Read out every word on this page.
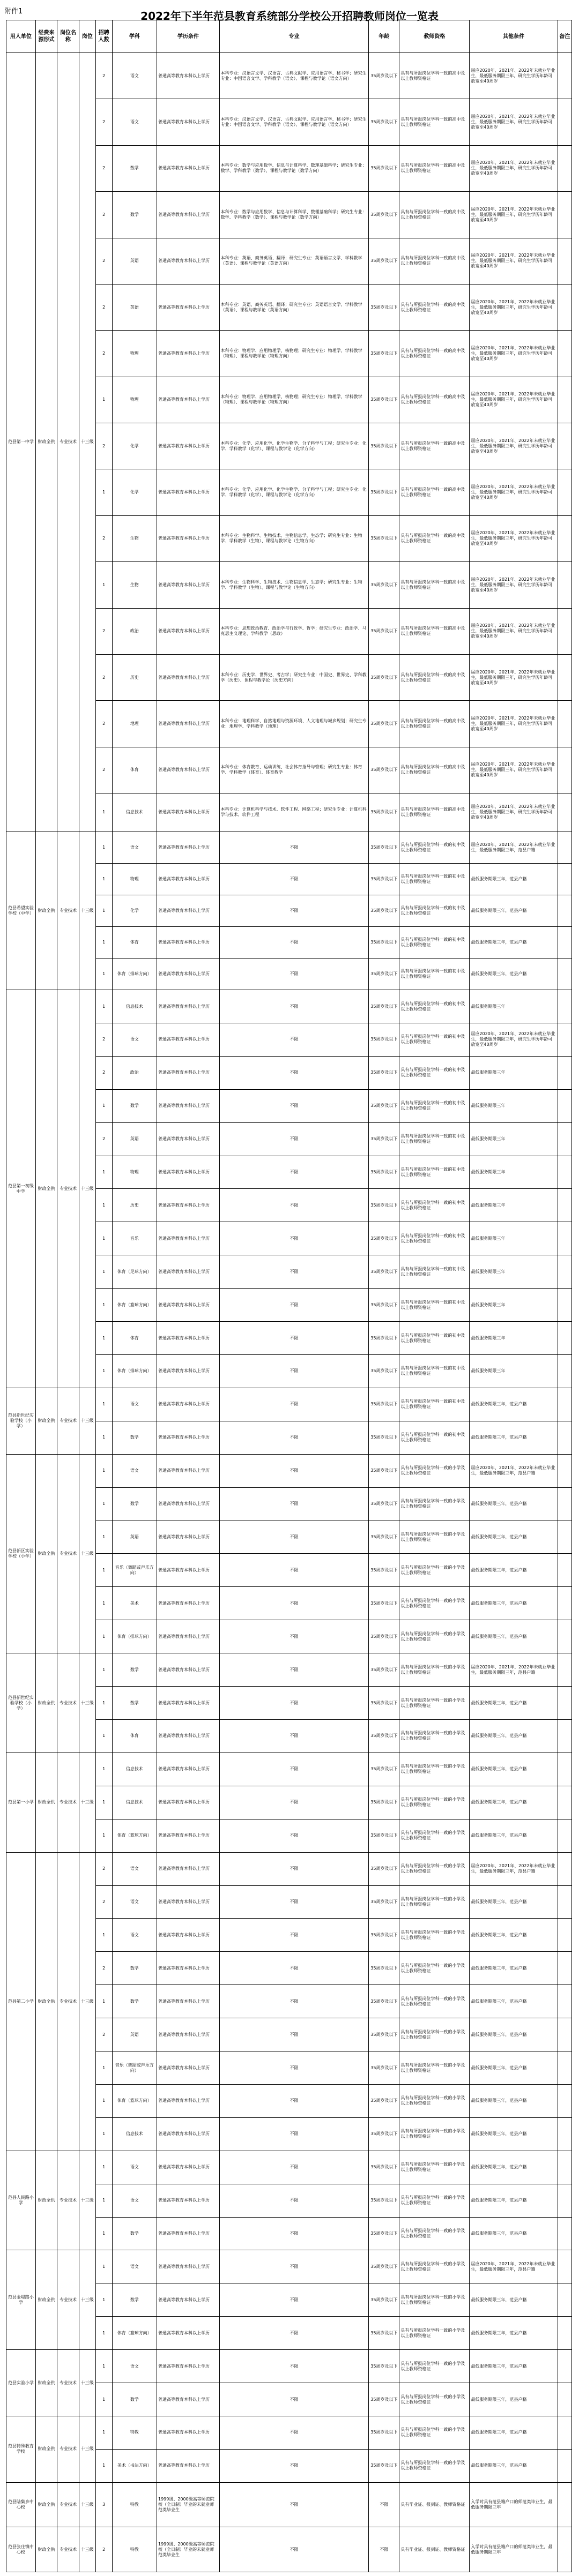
附件1	2022年下半年范县教育系统部分学校公开招聘教师岗位一览表
用人单位	经费来源形式	岗位名称	岗位	招聘人数	学科	学历条件	专业	年龄	教师资格	其他条件	备注
范县第一中学	财政全供	专业技术	十三级	2	语文	普通高等教育本科以上学历	本科专业：汉语言文学、汉语言、古典文献学、应用语言学、秘书学；研究生专业：中国语言文学、学科教学（语文）、课程与教学论（语文方向）	35周岁及以下	具有与所报岗位学科一致的高中及以上教师资格证	届应2020年、2021年、2022年未就业毕业生，最低服务期限三年，研究生学历年龄可放宽至40周岁	
				2	语文	普通高等教育本科以上学历	本科专业：汉语言文学、汉语言、古典文献学、应用语言学、秘书学；研究生专业：中国语言文学、学科教学（语文）、课程与教学论（语文方向）	35周岁及以下	具有与所报岗位学科一致的高中及以上教师资格证	届应2020年、2021年、2022年未就业毕业生，最低服务期限三年，研究生学历年龄可放宽至40周岁	
				2	数学	普通高等教育本科以上学历	本科专业：数学与应用数学、信息与计算科学、数理基础科学；研究生专业：数学、学科教学（数学）、课程与教学论（数学方向）	35周岁及以下	具有与所报岗位学科一致的高中及以上教师资格证	届应2020年、2021年、2022年未就业毕业生，最低服务期限三年，研究生学历年龄可放宽至40周岁	
				2	数学	普通高等教育本科以上学历	本科专业：数学与应用数学、信息与计算科学、数理基础科学；研究生专业：数学、学科教学（数学）、课程与教学论（数学方向）	35周岁及以下	具有与所报岗位学科一致的高中及以上教师资格证	届应2020年、2021年、2022年未就业毕业生，最低服务期限三年，研究生学历年龄可放宽至40周岁	
				2	英语	普通高等教育本科以上学历	本科专业：英语、商务英语、翻译；研究生专业：英语语言文学、学科教学（英语）、课程与教学论（英语方向）	35周岁及以下	具有与所报岗位学科一致的高中及以上教师资格证	届应2020年、2021年、2022年未就业毕业生，最低服务期限三年，研究生学历年龄可放宽至40周岁	
				2	英语	普通高等教育本科以上学历	本科专业：英语、商务英语、翻译；研究生专业：英语语言文学、学科教学（英语）、课程与教学论（英语方向）	35周岁及以下	具有与所报岗位学科一致的高中及以上教师资格证	届应2020年、2021年、2022年未就业毕业生，最低服务期限三年，研究生学历年龄可放宽至40周岁	
				2	物理	普通高等教育本科以上学历	本科专业：物理学、应用物理学、核物理；研究生专业：物理学、学科教学（物理）、课程与教学论（物理方向）	35周岁及以下	具有与所报岗位学科一致的高中及以上教师资格证	届应2020年、2021年、2022年未就业毕业生，最低服务期限三年，研究生学历年龄可放宽至40周岁	
				1	物理	普通高等教育本科以上学历	本科专业：物理学、应用物理学、核物理；研究生专业：物理学、学科教学（物理）、课程与教学论（物理方向）	35周岁及以下	具有与所报岗位学科一致的高中及以上教师资格证	届应2020年、2021年、2022年未就业毕业生，最低服务期限三年，研究生学历年龄可放宽至40周岁	
				2	化学	普通高等教育本科以上学历	本科专业：化学、应用化学、化学生物学、分子科学与工程；研究生专业：化学、学科教学（化学）、课程与教学论（化学方向）	35周岁及以下	具有与所报岗位学科一致的高中及以上教师资格证	届应2020年、2021年、2022年未就业毕业生，最低服务期限三年，研究生学历年龄可放宽至40周岁	
				1	化学	普通高等教育本科以上学历	本科专业：化学、应用化学、化学生物学、分子科学与工程；研究生专业：化学、学科教学（化学）、课程与教学论（化学方向）	35周岁及以下	具有与所报岗位学科一致的高中及以上教师资格证	届应2020年、2021年、2022年未就业毕业生，最低服务期限三年，研究生学历年龄可放宽至40周岁	
				2	生物	普通高等教育本科以上学历	本科专业：生物科学、生物技术、生物信息学、生态学；研究生专业：生物学、学科教学（生物）、课程与教学论（生物方向）	35周岁及以下	具有与所报岗位学科一致的高中及以上教师资格证	届应2020年、2021年、2022年未就业毕业生，最低服务期限三年，研究生学历年龄可放宽至40周岁	
				1	生物	普通高等教育本科以上学历	本科专业：生物科学、生物技术、生物信息学、生态学；研究生专业：生物学、学科教学（生物）、课程与教学论（生物方向）	35周岁及以下	具有与所报岗位学科一致的高中及以上教师资格证	届应2020年、2021年、2022年未就业毕业生，最低服务期限三年，研究生学历年龄可放宽至40周岁	
				2	政治	普通高等教育本科以上学历	本科专业：思想政治教育、政治学与行政学、哲学；研究生专业：政治学、马克思主义理论、学科教学（思政）	35周岁及以下	具有与所报岗位学科一致的高中及以上教师资格证	届应2020年、2021年、2022年未就业毕业生，最低服务期限三年，研究生学历年龄可放宽至40周岁	
				2	历史	普通高等教育本科以上学历	本科专业：历史学、世界史、考古学；研究生专业：中国史、世界史、学科教学（历史）、课程与教学论（历史方向）	35周岁及以下	具有与所报岗位学科一致的高中及以上教师资格证	届应2020年、2021年、2022年未就业毕业生，最低服务期限三年，研究生学历年龄可放宽至40周岁	
				2	地理	普通高等教育本科以上学历	本科专业：地理科学、自然地理与资源环境、人文地理与城乡规划；研究生专业：地理学、学科教学（地理）	35周岁及以下	具有与所报岗位学科一致的高中及以上教师资格证	届应2020年、2021年、2022年未就业毕业生，最低服务期限三年，研究生学历年龄可放宽至40周岁	
				2	体育	普通高等教育本科以上学历	本科专业：体育教育、运动训练、社会体育指导与管理；研究生专业：体育学、学科教学（体育）、体育教学	35周岁及以下	具有与所报岗位学科一致的高中及以上教师资格证	届应2020年、2021年、2022年未就业毕业生，最低服务期限三年，研究生学历年龄可放宽至40周岁	
				1	信息技术	普通高等教育本科以上学历	本科专业：计算机科学与技术、软件工程、网络工程；研究生专业：计算机科学与技术、软件工程	35周岁及以下	具有与所报岗位学科一致的高中及以上教师资格证	届应2020年、2021年、2022年未就业毕业生，最低服务期限三年，研究生学历年龄可放宽至40周岁	
范县希望实验学校（中学）	财政全供	专业技术	十三级	1	语文	普通高等教育本科以上学历	不限	35周岁及以下	具有与所报岗位学科一致的初中及以上教师资格证	届应2020年、2021年、2022年未就业毕业生，最低服务期限三年，范县户籍	
				1	物理	普通高等教育本科以上学历	不限	35周岁及以下	具有与所报岗位学科一致的初中及以上教师资格证	最低服务期限三年，范县户籍	
				1	化学	普通高等教育本科以上学历	不限	35周岁及以下	具有与所报岗位学科一致的初中及以上教师资格证	最低服务期限三年，范县户籍	
				1	体育	普通高等教育本科以上学历	不限	35周岁及以下	具有与所报岗位学科一致的初中及以上教师资格证	最低服务期限三年，范县户籍	
				1	体育（排球方向）	普通高等教育本科以上学历	不限	35周岁及以下	具有与所报岗位学科一致的初中及以上教师资格证	最低服务期限三年，范县户籍	
范县第一初级中学	财政全供	专业技术	十三级	1	信息技术	普通高等教育本科以上学历	不限	35周岁及以下	具有与所报岗位学科一致的初中及以上教师资格证	最低服务期限三年	
				2	语文	普通高等教育本科以上学历	不限	35周岁及以下	具有与所报岗位学科一致的初中及以上教师资格证	届应2020年、2021年、2022年未就业毕业生，最低服务期限三年，研究生学历年龄可放宽至40周岁	
				2	政治	普通高等教育本科以上学历	不限	35周岁及以下	具有与所报岗位学科一致的初中及以上教师资格证	最低服务期限三年	
				1	数学	普通高等教育本科以上学历	不限	35周岁及以下	具有与所报岗位学科一致的初中及以上教师资格证	最低服务期限三年	
				2	英语	普通高等教育本科以上学历	不限	35周岁及以下	具有与所报岗位学科一致的初中及以上教师资格证	最低服务期限三年	
				1	物理	普通高等教育本科以上学历	不限	35周岁及以下	具有与所报岗位学科一致的初中及以上教师资格证	最低服务期限三年	
				1	历史	普通高等教育本科以上学历	不限	35周岁及以下	具有与所报岗位学科一致的初中及以上教师资格证	最低服务期限三年	
				1	音乐	普通高等教育本科以上学历	不限	35周岁及以下	具有与所报岗位学科一致的初中及以上教师资格证	最低服务期限三年	
				1	体育（足球方向）	普通高等教育本科以上学历	不限	35周岁及以下	具有与所报岗位学科一致的初中及以上教师资格证	最低服务期限三年	
				1	体育（篮球方向）	普通高等教育本科以上学历	不限	35周岁及以下	具有与所报岗位学科一致的初中及以上教师资格证	最低服务期限三年	
				1	体育	普通高等教育本科以上学历	不限	35周岁及以下	具有与所报岗位学科一致的初中及以上教师资格证	最低服务期限三年	
				1	体育（排球方向）	普通高等教育本科以上学历	不限	35周岁及以下	具有与所报岗位学科一致的初中及以上教师资格证	最低服务期限三年	
范县新世纪实验学校（小学）	财政全供	专业技术	十三级	1	语文	普通高等教育本科以上学历	不限	35周岁及以下	具有与所报岗位学科一致的初中及以上教师资格证	最低服务期限三年，范县户籍	
				1	数学	普通高等教育本科以上学历	不限	35周岁及以下	具有与所报岗位学科一致的初中及以上教师资格证	最低服务期限三年，范县户籍	
范县新区实验学校（小学）	财政全供	专业技术	十三级	1	语文	普通高等教育本科以上学历	不限	35周岁及以下	具有与所报岗位学科一致的小学及以上教师资格证	届应2020年、2021年、2022年未就业毕业生，最低服务期限三年，范县户籍	
				1	数学	普通高等教育本科以上学历	不限	35周岁及以下	具有与所报岗位学科一致的小学及以上教师资格证	最低服务期限三年，范县户籍	
				1	英语	普通高等教育本科以上学历	不限	35周岁及以下	具有与所报岗位学科一致的小学及以上教师资格证	最低服务期限三年，范县户籍	
				1	音乐（舞蹈或声乐方向）	普通高等教育本科以上学历	不限	35周岁及以下	具有与所报岗位学科一致的小学及以上教师资格证	最低服务期限三年，范县户籍	
				1	美术	普通高等教育本科以上学历	不限	35周岁及以下	具有与所报岗位学科一致的小学及以上教师资格证	最低服务期限三年，范县户籍	
				1	体育（排球方向）	普通高等教育本科以上学历	不限	35周岁及以下	具有与所报岗位学科一致的小学及以上教师资格证	最低服务期限三年，范县户籍	
范县新世纪实验学校（小学）	财政全供	专业技术	十三级	1	数学	普通高等教育本科以上学历	不限	35周岁及以下	具有与所报岗位学科一致的小学及以上教师资格证	届应2020年、2021年、2022年未就业毕业生，最低服务期限三年，范县户籍	
				1	数学	普通高等教育本科以上学历	不限	35周岁及以下	具有与所报岗位学科一致的小学及以上教师资格证	最低服务期限三年，范县户籍	
				1	体育	普通高等教育本科以上学历	不限	35周岁及以下	具有与所报岗位学科一致的小学及以上教师资格证	最低服务期限三年，范县户籍	
范县第一小学	财政全供	专业技术	十三级	1	信息技术	普通高等教育本科以上学历	不限	35周岁及以下	具有与所报岗位学科一致的小学及以上教师资格证	最低服务期限三年，范县户籍	
				1	信息技术	普通高等教育本科以上学历	不限	35周岁及以下	具有与所报岗位学科一致的小学及以上教师资格证	最低服务期限三年，范县户籍	
				1	体育（篮球方向）	普通高等教育本科以上学历	不限	35周岁及以下	具有与所报岗位学科一致的小学及以上教师资格证	最低服务期限三年，范县户籍	
范县第二小学	财政全供	专业技术	十三级	2	语文	普通高等教育本科以上学历	不限	35周岁及以下	具有与所报岗位学科一致的小学及以上教师资格证	届应2020年、2021年、2022年未就业毕业生，最低服务期限三年，范县户籍	
				2	语文	普通高等教育本科以上学历	不限	35周岁及以下	具有与所报岗位学科一致的小学及以上教师资格证	最低服务期限三年，范县户籍	
				1	语文	普通高等教育本科以上学历	不限	35周岁及以下	具有与所报岗位学科一致的小学及以上教师资格证	最低服务期限三年，范县户籍	
				2	数学	普通高等教育本科以上学历	不限	35周岁及以下	具有与所报岗位学科一致的小学及以上教师资格证	最低服务期限三年，范县户籍	
				1	数学	普通高等教育本科以上学历	不限	35周岁及以下	具有与所报岗位学科一致的小学及以上教师资格证	最低服务期限三年，范县户籍	
				2	英语	普通高等教育本科以上学历	不限	35周岁及以下	具有与所报岗位学科一致的小学及以上教师资格证	最低服务期限三年，范县户籍	
				1	音乐（舞蹈或声乐方向）	普通高等教育本科以上学历	不限	35周岁及以下	具有与所报岗位学科一致的小学及以上教师资格证	最低服务期限三年，范县户籍	
				1	体育（篮球方向）	普通高等教育本科以上学历	不限	35周岁及以下	具有与所报岗位学科一致的小学及以上教师资格证	最低服务期限三年，范县户籍	
				1	信息技术	普通高等教育本科以上学历	不限	35周岁及以下	具有与所报岗位学科一致的小学及以上教师资格证	最低服务期限三年，范县户籍	
范县人民路小学	财政全供	专业技术	十三级	1	语文	普通高等教育本科以上学历	不限	35周岁及以下	具有与所报岗位学科一致的小学及以上教师资格证	最低服务期限三年，范县户籍	
				1	语文	普通高等教育本科以上学历	不限	35周岁及以下	具有与所报岗位学科一致的小学及以上教师资格证	最低服务期限三年，范县户籍	
				1	数学	普通高等教育本科以上学历	不限	35周岁及以下	具有与所报岗位学科一致的小学及以上教师资格证	最低服务期限三年，范县户籍	
范县金堤路小学	财政全供	专业技术	十三级	1	语文	普通高等教育本科以上学历	不限	35周岁及以下	具有与所报岗位学科一致的小学及以上教师资格证	届应2020年、2021年、2022年未就业毕业生，最低服务期限三年，范县户籍	
				1	数学	普通高等教育本科以上学历	不限	35周岁及以下	具有与所报岗位学科一致的小学及以上教师资格证	最低服务期限三年，范县户籍	
				1	体育（篮球方向）	普通高等教育本科以上学历	不限	35周岁及以下	具有与所报岗位学科一致的小学及以上教师资格证	最低服务期限三年，范县户籍	
范县实验小学	财政全供	专业技术	十三级	1	语文	普通高等教育本科以上学历	不限	35周岁及以下	具有与所报岗位学科一致的小学及以上教师资格证	最低服务期限三年，范县户籍	
				1	数学	普通高等教育本科以上学历	不限	35周岁及以下	具有与所报岗位学科一致的小学及以上教师资格证	最低服务期限三年，范县户籍	
范县特殊教育学校	财政全供	专业技术	十三级	1	特教	普通高等教育本科以上学历	不限	35周岁及以下	具有与所报岗位学科一致的小学及以上教师资格证	最低服务期限三年，范县户籍	
				1	美术（书法方向）	普通高等教育本科以上学历	不限	35周岁及以下	具有与所报岗位学科一致的小学及以上教师资格证	最低服务期限三年，范县户籍	
范县陆集乡中心校	财政全供	专业技术	十三级	3	特教	1999级、2000级高等师范院校（全日制）毕业的未就业师范类毕业生	不限	不限	具有毕业证、报到证、教师资格证	入学时具有范县籍户口的师范类毕业生，最低服务期限三年	
范县张庄镇中心校	财政全供	专业技术	十三级	2	特教	1999级、2000级高等师范院校（全日制）毕业的未就业师范类毕业生	不限	不限	具有毕业证、报到证、教师资格证	入学时具有范县籍户口的师范类毕业生，最低服务期限三年	
